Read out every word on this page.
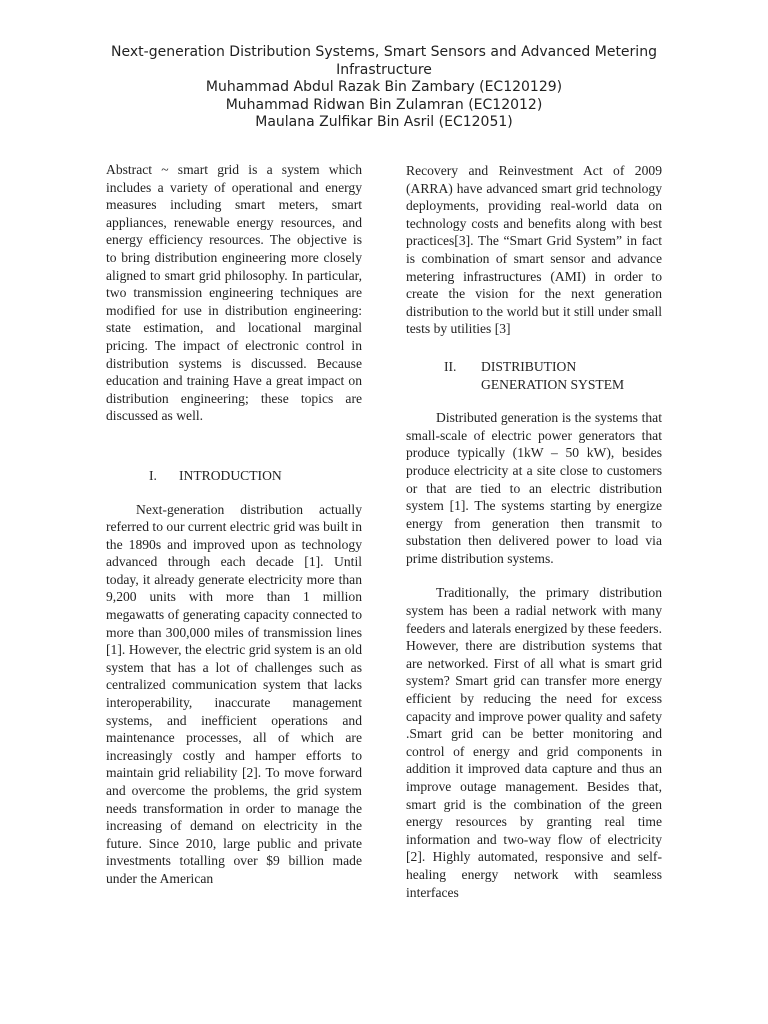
Next-generation Distribution Systems, Smart Sensors and Advanced Metering Infrastructure
Muhammad Abdul Razak Bin Zambary (EC120129)
Muhammad Ridwan Bin Zulamran (EC12012)
Maulana Zulfikar Bin Asril (EC12051)

Abstract ~ smart grid is a system which includes a variety of operational and energy measures including smart meters, smart appliances, renewable energy resources, and energy efficiency resources. The objective is to bring distribution engineering more closely aligned to smart grid philosophy. In particular, two transmission engineering techniques are modified for use in distribution engineering: state estimation, and locational marginal pricing. The impact of electronic control in distribution systems is discussed. Because education and training Have a great impact on distribution engineering; these topics are discussed as well.

I.	INTRODUCTION

Next-generation distribution actually referred to our current electric grid was built in the 1890s and improved upon as technology advanced through each decade [1]. Until today, it already generate electricity more than 9,200 units with more than 1 million megawatts of generating capacity connected to more than 300,000 miles of transmission lines [1]. However, the electric grid system is an old system that has a lot of challenges such as centralized communication system that lacks interoperability, inaccurate management systems, and inefficient operations and maintenance processes, all of which are increasingly costly and hamper efforts to maintain grid reliability [2]. To move forward and overcome the problems, the grid system needs transformation in order to manage the increasing of demand on electricity in the future. Since 2010, large public and private investments totalling over $9 billion made under the American

Recovery and Reinvestment Act of 2009 (ARRA) have advanced smart grid technology deployments, providing real-world data on technology costs and benefits along with best practices[3]. The “Smart Grid System” in fact is combination of smart sensor and advance metering infrastructures (AMI) in order to create the vision for the next generation distribution to the world but it still under small tests by utilities [3]

II.	DISTRIBUTION
GENERATION SYSTEM

Distributed generation is the systems that small-scale of electric power generators that produce typically (1kW – 50 kW), besides produce electricity at a site close to customers or that are tied to an electric distribution system [1]. The systems starting by energize energy from generation then transmit to substation then delivered power to load via prime distribution systems.

Traditionally, the primary distribution system has been a radial network with many feeders and laterals energized by these feeders. However, there are distribution systems that are networked. First of all what is smart grid system? Smart grid can transfer more energy efficient by reducing the need for excess capacity and improve power quality and safety .Smart grid can be better monitoring and control of energy and grid components in addition it improved data capture and thus an improve outage management. Besides that, smart grid is the combination of the green energy resources by granting real time information and two-way flow of electricity [2]. Highly automated, responsive and self-healing energy network with seamless interfaces
